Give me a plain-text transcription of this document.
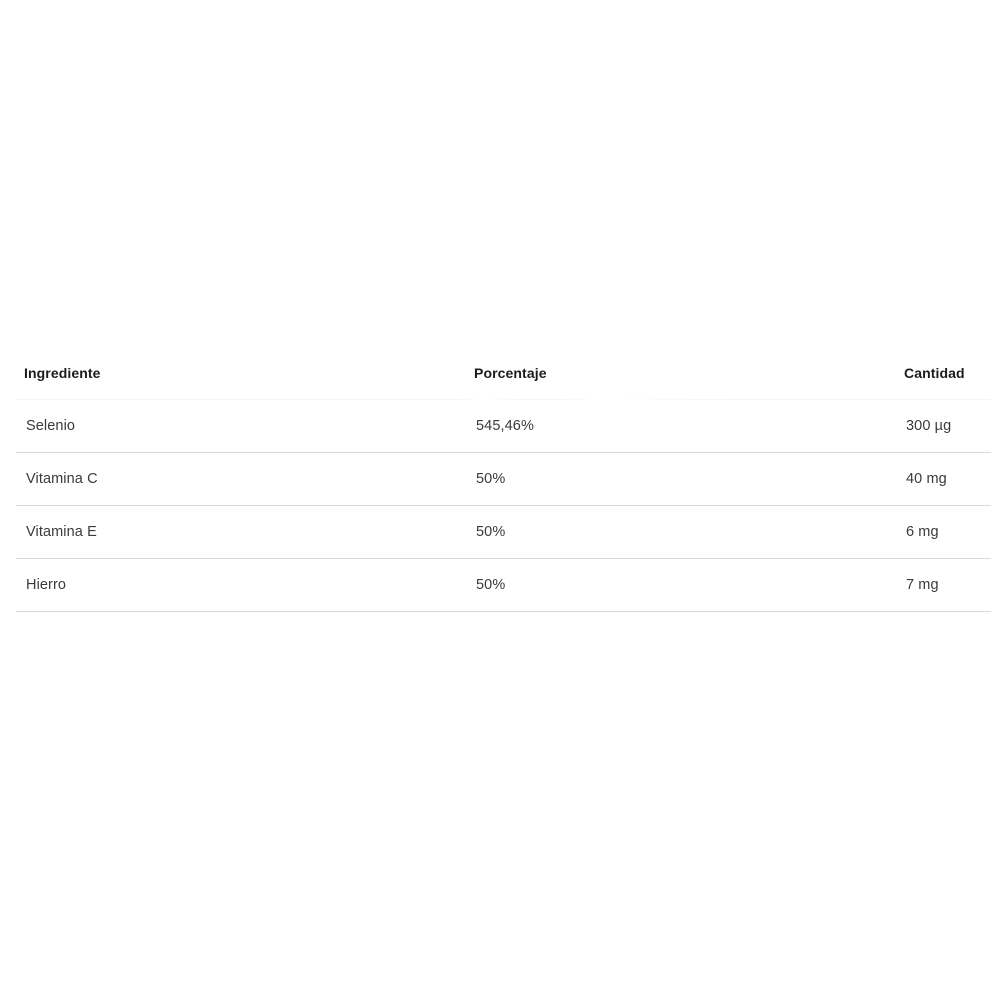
Ingrediente	Porcentaje	Cantidad
Selenio	545,46%	300 µg
Vitamina C	50%	40 mg
Vitamina E	50%	6 mg
Hierro	50%	7 mg
